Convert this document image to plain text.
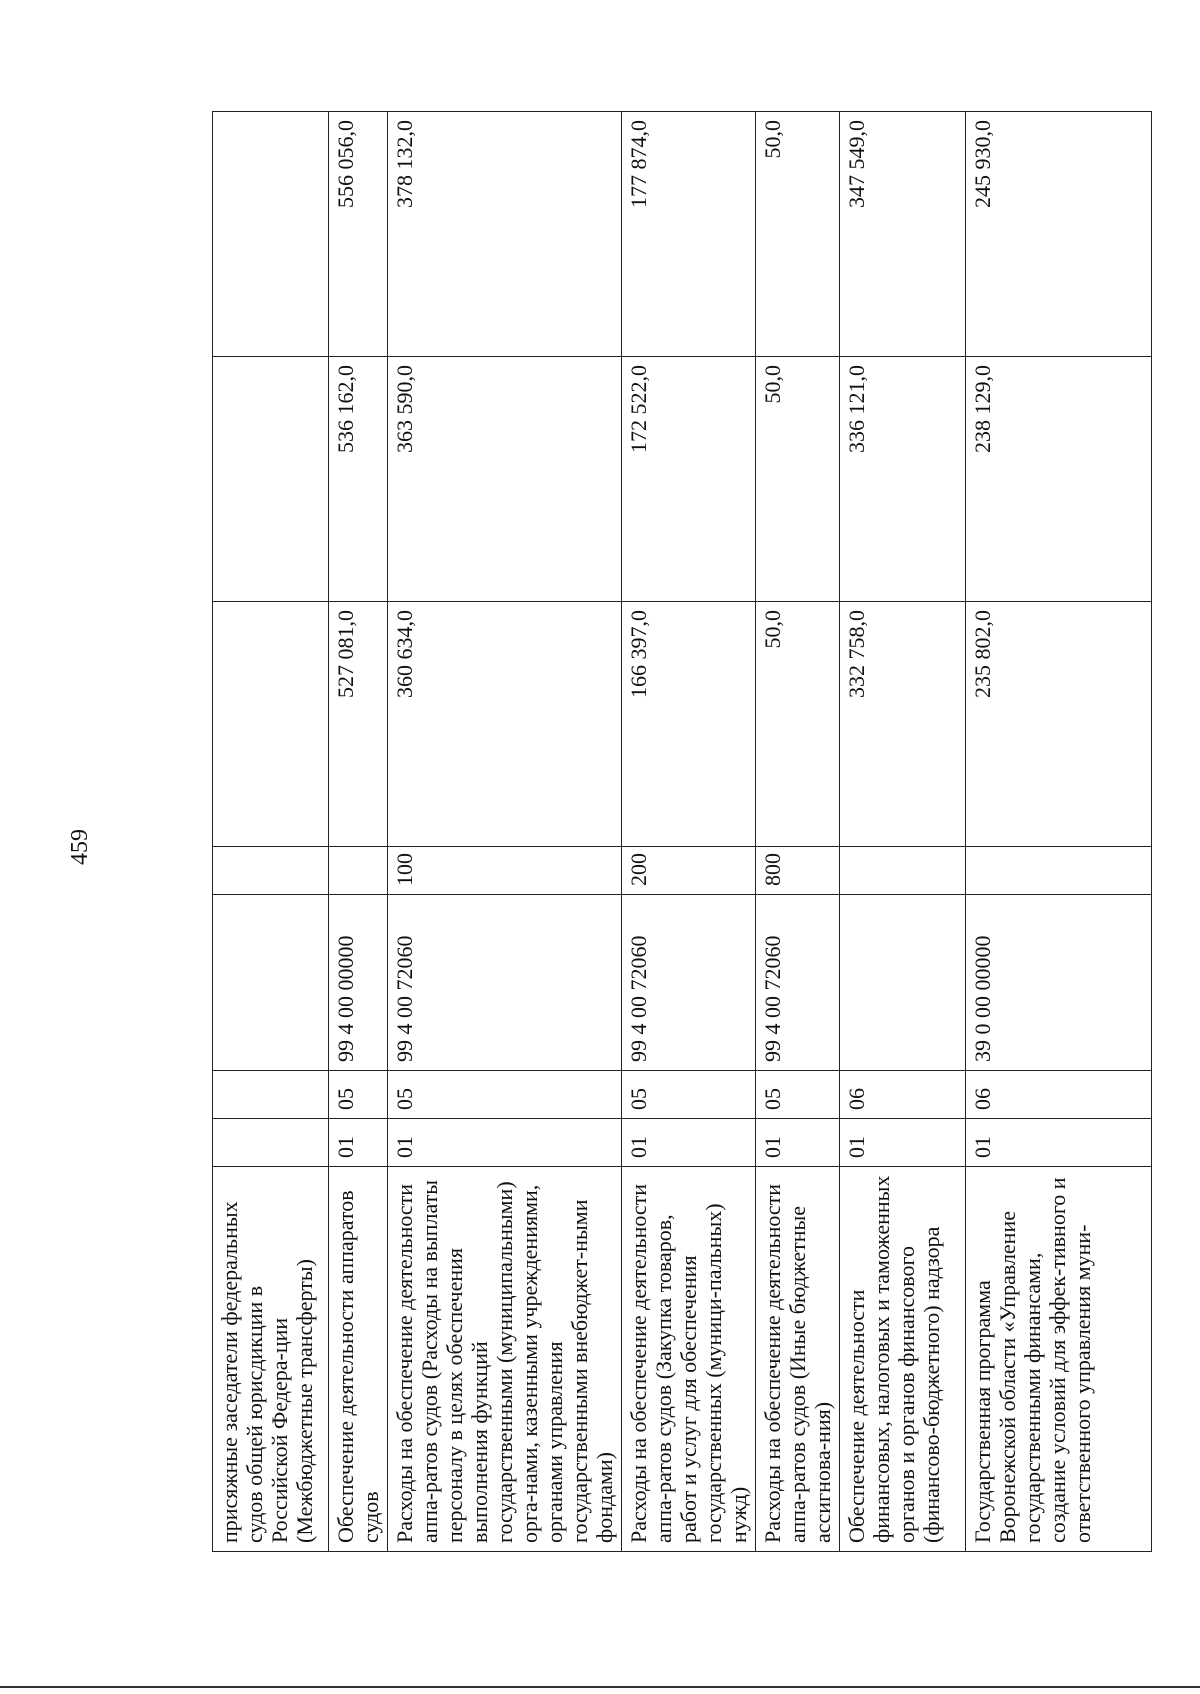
459
присяжные заседатели федеральных судов общей юрисдикции в Российской Федера-ции (Межбюджетные трансферты)							
Обеспечение деятельности аппаратов судов	01	05	99 4 00 00000		527 081,0	536 162,0	556 056,0
Расходы на обеспечение деятельности аппа-ратов судов (Расходы на выплаты персоналу в целях обеспечения выполнения функций государственными (муниципальными) орга-нами, казенными учреждениями, органами управления государственными внебюджет-ными фондами)	01	05	99 4 00 72060	100	360 634,0	363 590,0	378 132,0
Расходы на обеспечение деятельности аппа-ратов судов (Закупка товаров, работ и услуг для обеспечения государственных (муници-пальных) нужд)	01	05	99 4 00 72060	200	166 397,0	172 522,0	177 874,0
Расходы на обеспечение деятельности аппа-ратов судов (Иные бюджетные ассигнова-ния)	01	05	99 4 00 72060	800	50,0	50,0	50,0
Обеспечение деятельности финансовых, налоговых и таможенных органов и органов финансового (финансово-бюджетного) надзора	01	06			332 758,0	336 121,0	347 549,0
Государственная программа Воронежской области «Управление государственными финансами, создание условий для эффек-тивного и ответственного управления муни-	01	06	39 0 00 00000		235 802,0	238 129,0	245 930,0
